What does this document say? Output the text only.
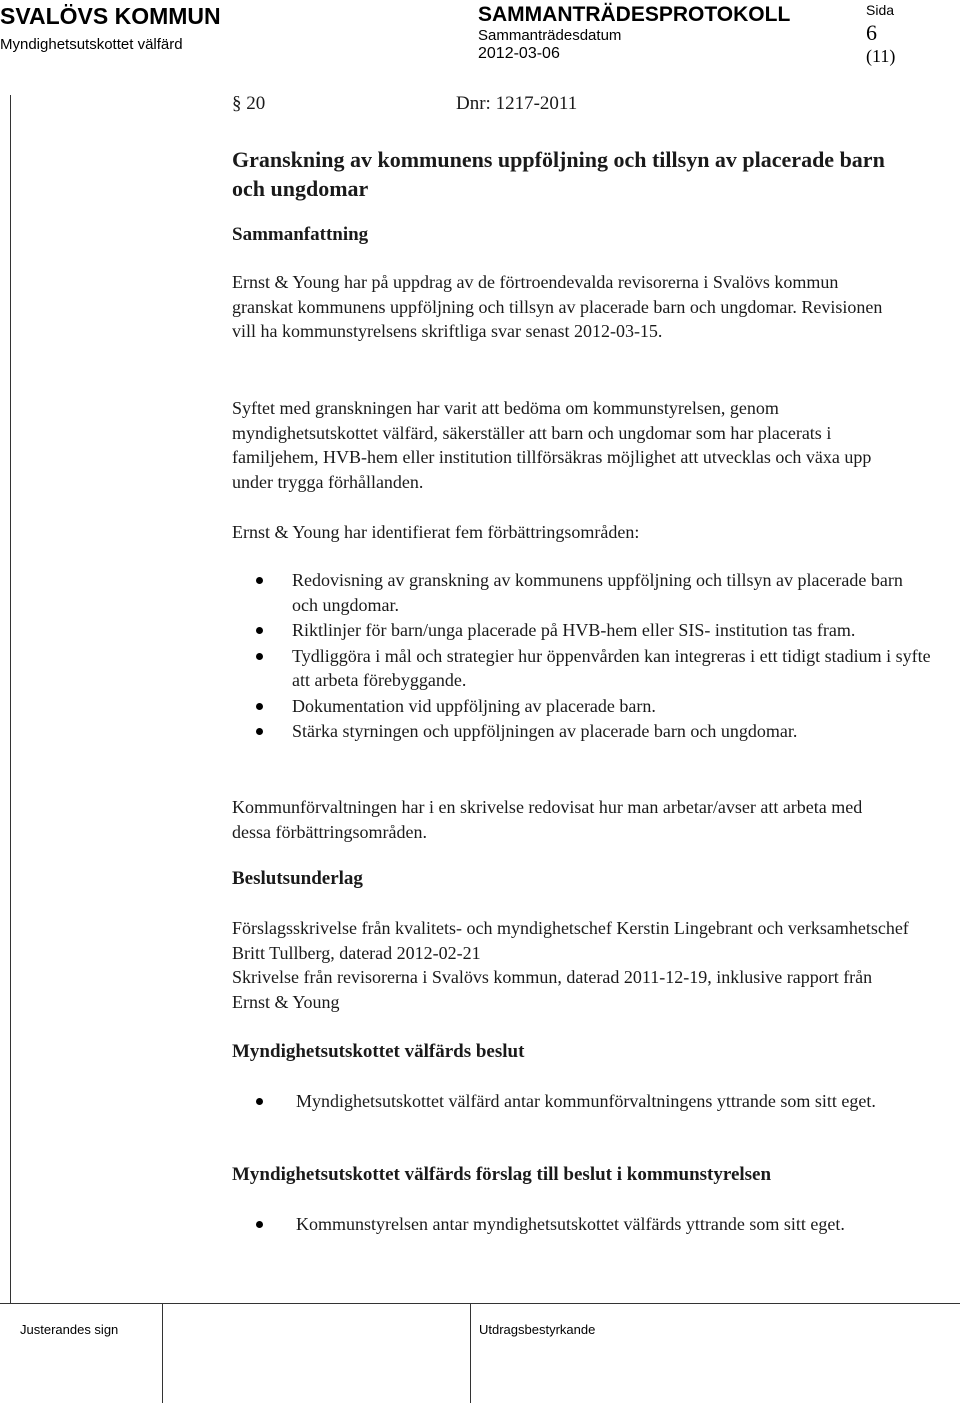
SVALÖVS KOMMUN
Myndighetsutskottet välfärd
SAMMANTRÄDESPROTOKOLL
Sammanträdesdatum
2012-03-06
Sida
6
(11)
§ 20	Dnr: 1217-2011
Granskning av kommunens uppföljning och tillsyn av placerade barn och ungdomar
Sammanfattning
Ernst & Young har på uppdrag av de förtroendevalda revisorerna i Svalövs kommun granskat kommunens uppföljning och tillsyn av placerade barn och ungdomar. Revisionen vill ha kommunstyrelsens skriftliga svar senast 2012-03-15.
Syftet med granskningen har varit att bedöma om kommunstyrelsen, genom myndighetsutskottet välfärd, säkerställer att barn och ungdomar som har placerats i familjehem, HVB-hem eller institution tillförsäkras möjlighet att utvecklas och växa upp under trygga förhållanden.
Ernst & Young har identifierat fem förbättringsområden:
Redovisning av granskning av kommunens uppföljning och tillsyn av placerade barn och ungdomar.
Riktlinjer för barn/unga placerade på HVB-hem eller SIS- institution tas fram.
Tydliggöra i mål och strategier hur öppenvården kan integreras i ett tidigt stadium i syfte att arbeta förebyggande.
Dokumentation vid uppföljning av placerade barn.
Stärka styrningen och uppföljningen av placerade barn och ungdomar.
Kommunförvaltningen har i en skrivelse redovisat hur man arbetar/avser att arbeta med dessa förbättringsområden.
Beslutsunderlag
Förslagsskrivelse från kvalitets- och myndighetschef Kerstin Lingebrant och verksamhetschef Britt Tullberg, daterad 2012-02-21
Skrivelse från revisorerna i Svalövs kommun, daterad 2011-12-19, inklusive rapport från Ernst & Young
Myndighetsutskottet välfärds beslut
Myndighetsutskottet välfärd antar kommunförvaltningens yttrande som sitt eget.
Myndighetsutskottet välfärds förslag till beslut i kommunstyrelsen
Kommunstyrelsen antar myndighetsutskottet välfärds yttrande som sitt eget.
Justerandes sign	Utdragsbestyrkande
